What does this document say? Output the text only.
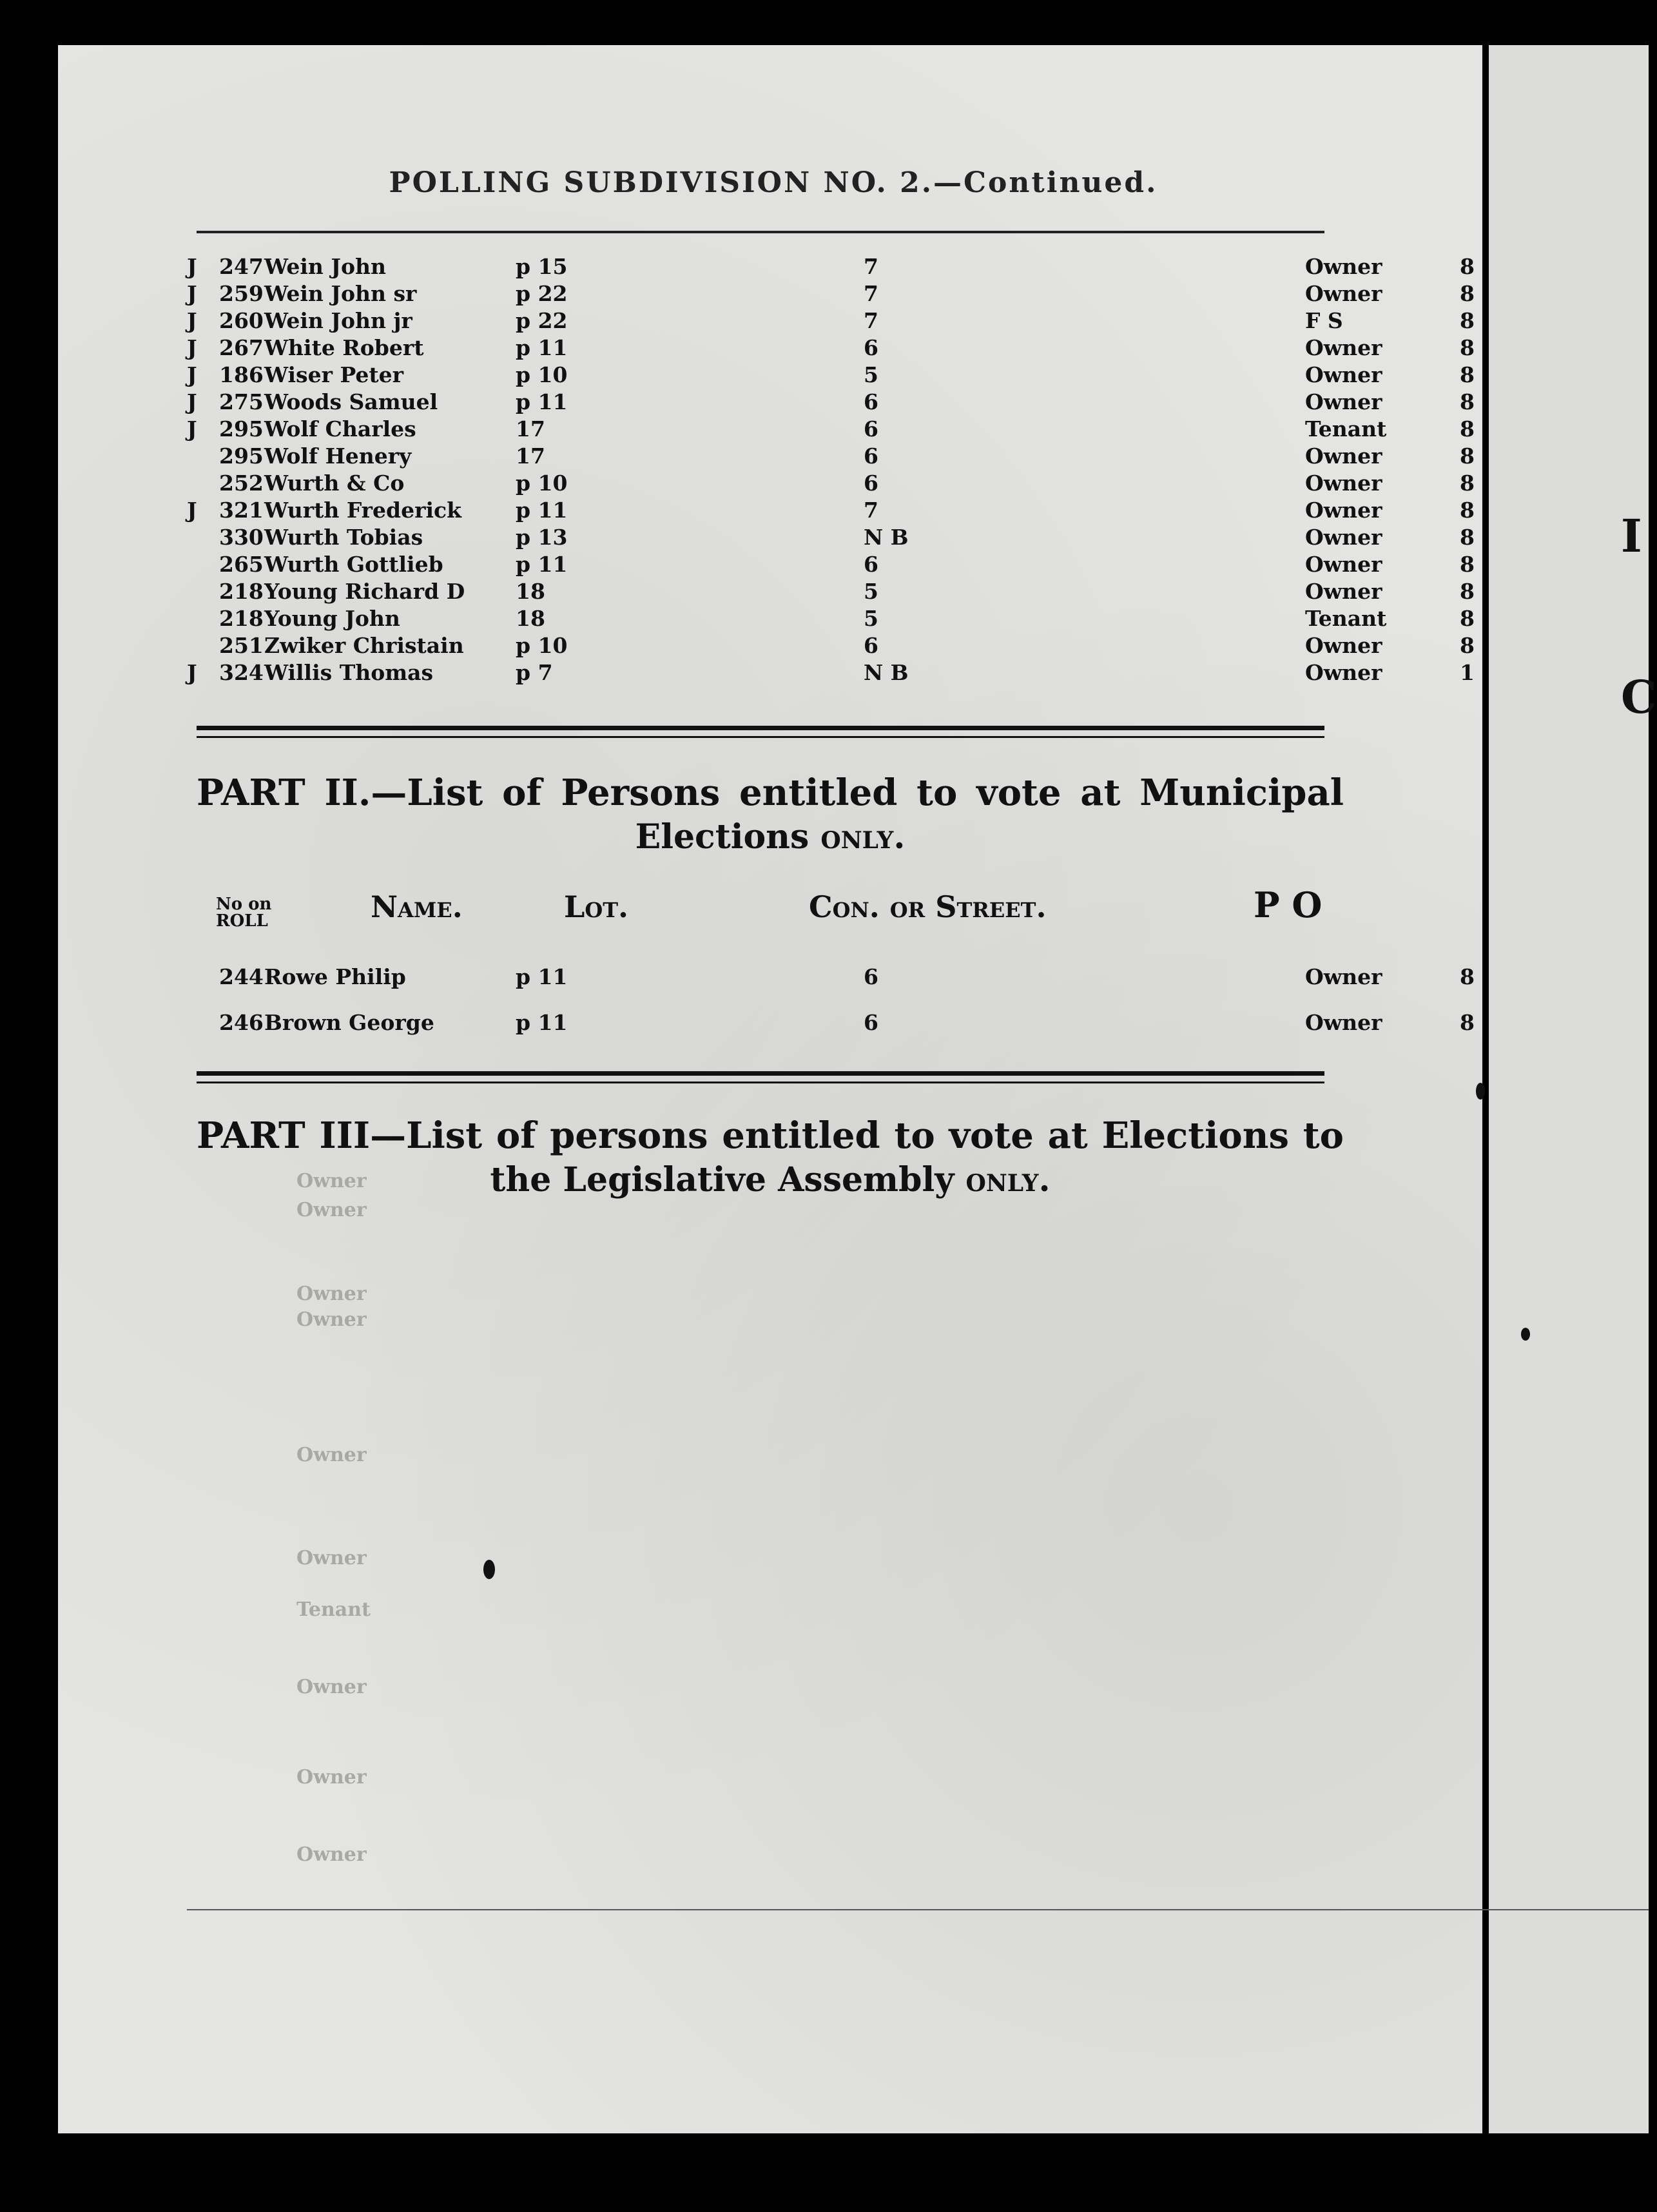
I
C
Owner
Owner
Owner
Owner
Owner
Owner
Tenant
Owner
Owner
Owner
POLLING SUBDIVISION NO. 2.—Continued.
J	247	Wein John	p 15	7		Owner	8
J	259	Wein John sr	p 22	7		Owner	8
J	260	Wein John jr	p 22	7		F S	8
J	267	White Robert	p 11	6		Owner	8
J	186	Wiser Peter	p 10	5		Owner	8
J	275	Woods Samuel	p 11	6		Owner	8
J	295	Wolf Charles	17	6		Tenant	8
	295	Wolf Henery	17	6		Owner	8
	252	Wurth & Co	p 10	6		Owner	8
J	321	Wurth Frederick	p 11	7		Owner	8
	330	Wurth Tobias	p 13	N B		Owner	8
	265	Wurth Gottlieb	p 11	6		Owner	8
	218	Young Richard D	18	5		Owner	8
	218	Young John	18	5		Tenant	8
	251	Zwiker Christain	p 10	6		Owner	8
J	324	Willis Thomas	p 7	N B		Owner	1
PART II.—List of Persons entitled to vote at Municipal
Elections only.
No on
ROLL	Name.	Lot.	Con. or Street.	P O
	244	Rowe Philip	p 11	6		Owner	8
	246	Brown George	p 11	6		Owner	8
PART III—List of persons entitled to vote at Elections to
the Legislative Assembly only.
